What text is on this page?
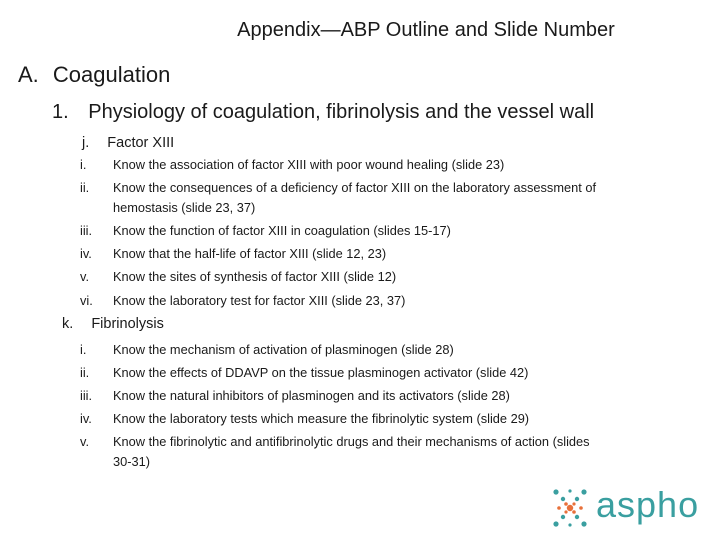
Appendix—ABP Outline and Slide Number
A. Coagulation
1. Physiology of coagulation, fibrinolysis and the vessel wall
j. Factor XIII
i. Know the association of factor XIII with poor wound healing (slide 23)
ii. Know the consequences of a deficiency of factor XIII on the laboratory assessment of
hemostasis (slide 23, 37)
iii. Know the function of factor XIII in coagulation (slides 15-17)
iv. Know that the half-life of factor XIII (slide 12, 23)
v. Know the sites of synthesis of factor XIII (slide 12)
vi. Know the laboratory test for factor XIII (slide 23, 37)
k. Fibrinolysis
i. Know the mechanism of activation of plasminogen (slide 28)
ii. Know the effects of DDAVP on the tissue plasminogen activator (slide 42)
iii. Know the natural inhibitors of plasminogen and its activators (slide 28)
iv. Know the laboratory tests which measure the fibrinolytic system (slide 29)
v. Know the fibrinolytic and antifibrinolytic drugs and their mechanisms of action (slides
30-31)
aspho
